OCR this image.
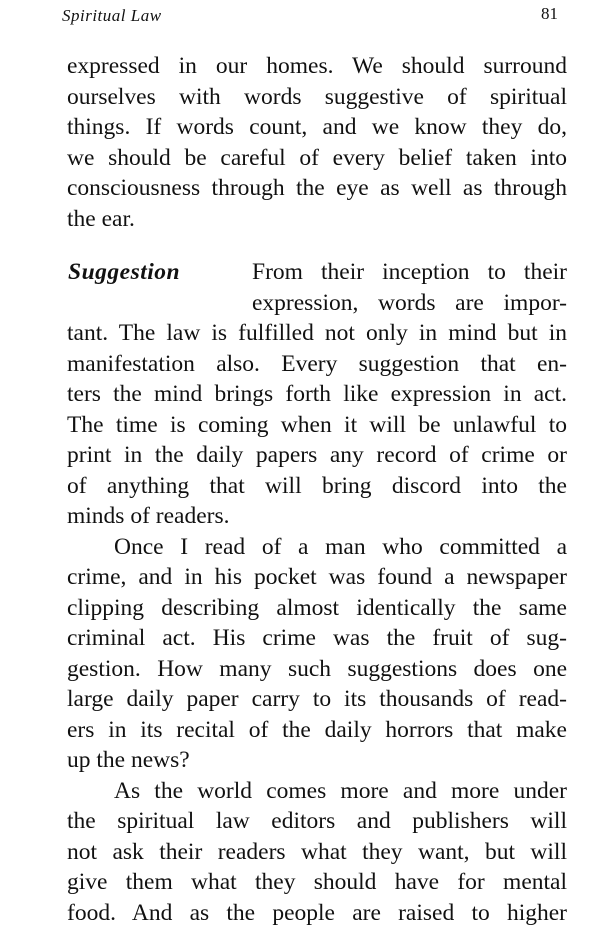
Spiritual Law	81
expressed in our homes. We should surround
ourselves with words suggestive of spiritual
things. If words count, and we know they do,
we should be careful of every belief taken into
consciousness through the eye as well as through
the ear.
Suggestion	From their inception to their
expression, words are impor-
tant. The law is fulfilled not only in mind but in
manifestation also. Every suggestion that en-
ters the mind brings forth like expression in act.
The time is coming when it will be unlawful to
print in the daily papers any record of crime or
of anything that will bring discord into the
minds of readers.
Once I read of a man who committed a
crime, and in his pocket was found a newspaper
clipping describing almost identically the same
criminal act. His crime was the fruit of sug-
gestion. How many such suggestions does one
large daily paper carry to its thousands of read-
ers in its recital of the daily horrors that make
up the news?
As the world comes more and more under
the spiritual law editors and publishers will
not ask their readers what they want, but will
give them what they should have for mental
food. And as the people are raised to higher
